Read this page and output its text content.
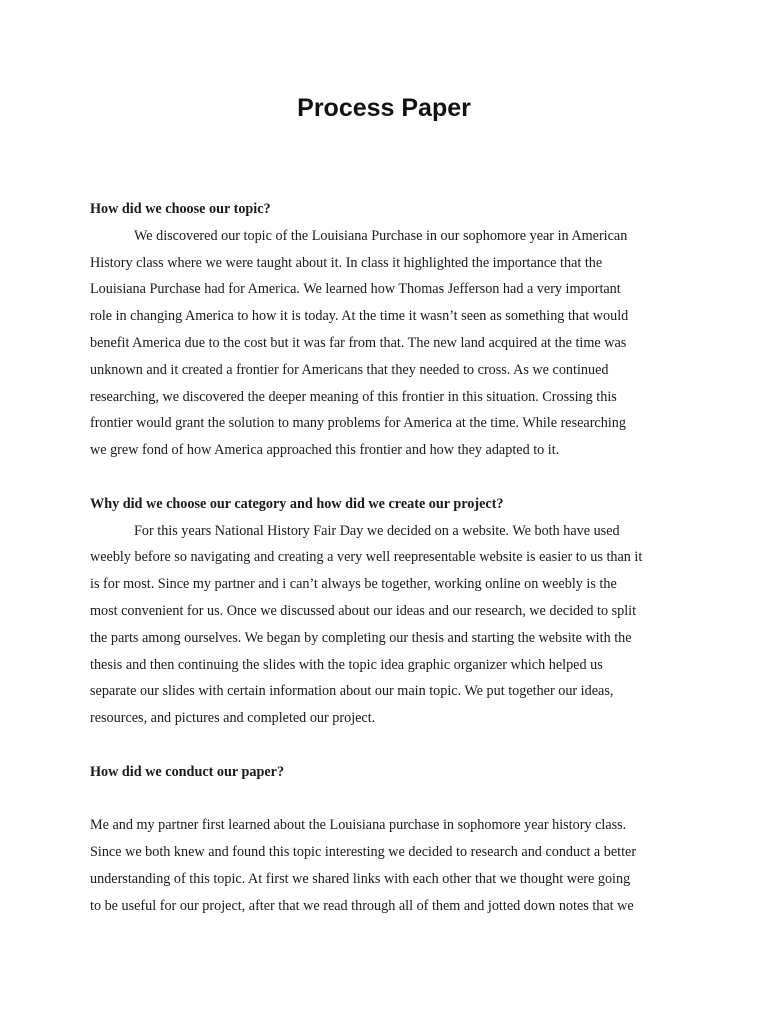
Process Paper

How did we choose our topic?

We discovered our topic of the Louisiana Purchase in our sophomore year in American

History class where we were taught about it. In class it highlighted the importance that the

Louisiana Purchase had for America. We learned how Thomas Jefferson had a very important

role in changing America to how it is today. At the time it wasn’t seen as something that would

benefit America due to the cost but it was far from that. The new land acquired at the time was

unknown and it created a frontier for Americans that they needed to cross. As we continued

researching, we discovered the deeper meaning of this frontier in this situation. Crossing this

frontier would grant the solution to many problems for America at the time. While researching

we grew fond of how America approached this frontier and how they adapted to it.

Why did we choose our category and how did we create our project?

For this years National History Fair Day we decided on a website. We both have used

weebly before so navigating and creating a very well reepresentable website is easier to us than it

is for most. Since my partner and i can’t always be together, working online on weebly is the

most convenient for us. Once we discussed about our ideas and our research, we decided to split

the parts among ourselves. We began by completing our thesis and starting the website with the

thesis and then continuing the slides with the topic idea graphic organizer which helped us

separate our slides with certain information about our main topic. We put together our ideas,

resources, and pictures and completed our project.

How did we conduct our paper?

Me and my partner first learned about the Louisiana purchase in sophomore year history class.

Since we both knew and found this topic interesting we decided to research and conduct a better

understanding of this topic. At first we shared links with each other that we thought were going

to be useful for our project, after that we read through all of them and jotted down notes that we
